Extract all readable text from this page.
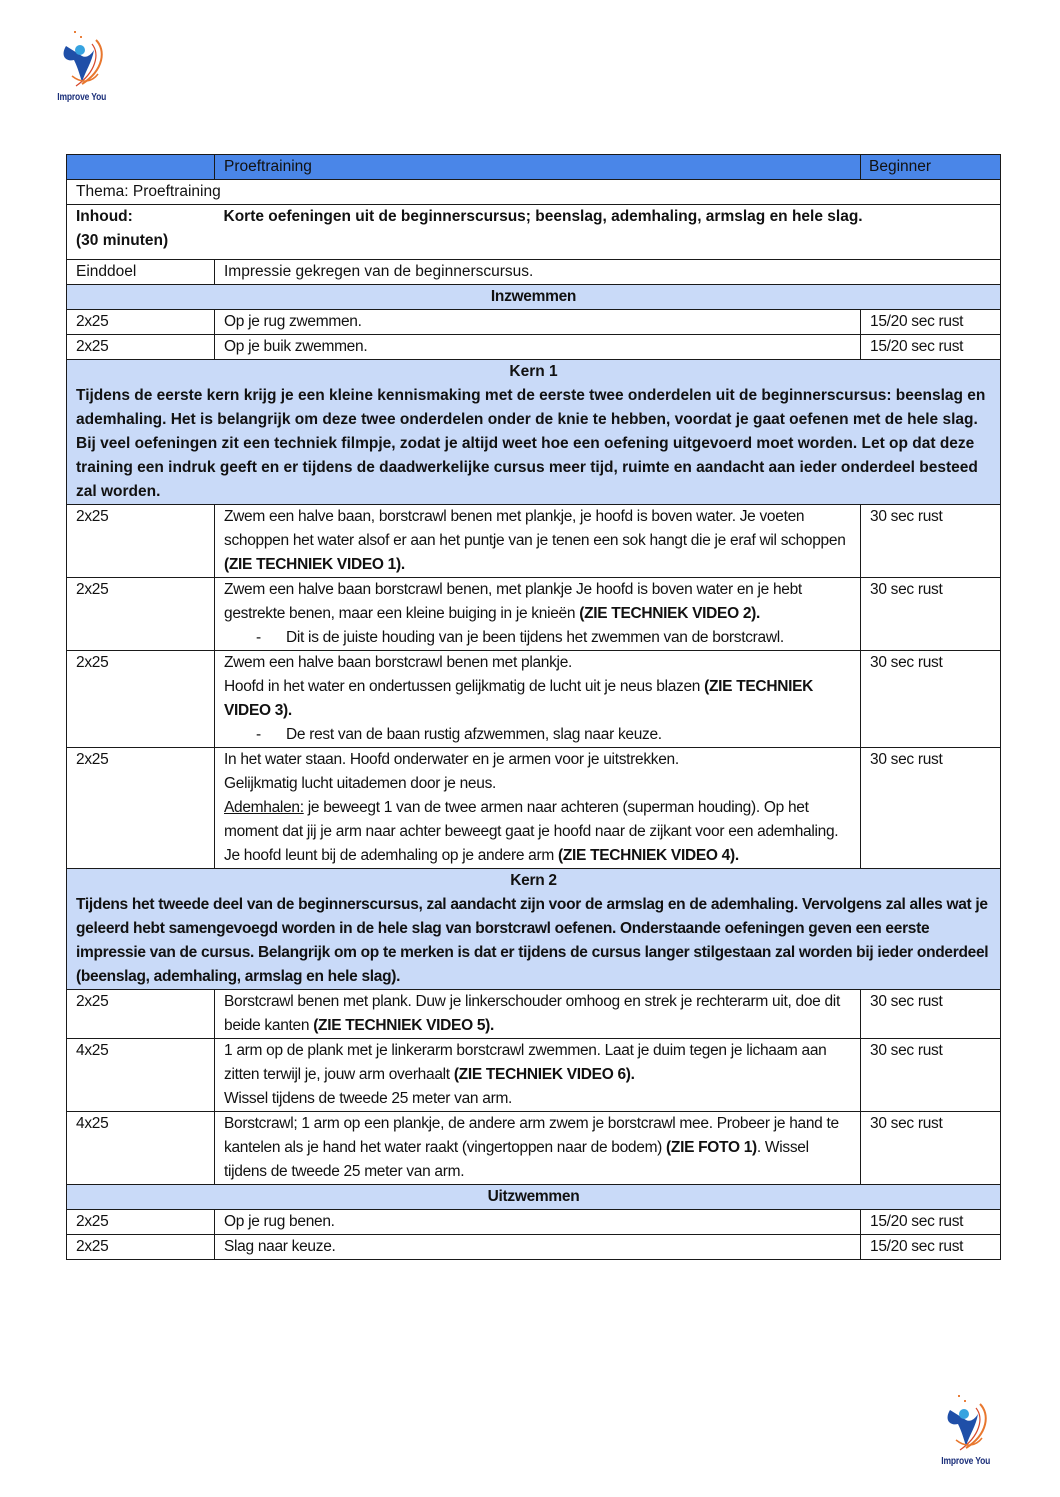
Improve You
	Proeftraining	Beginner
Thema: Proeftraining		

Inhoud:
(30 minuten)	Korte oefeningen uit de beginnerscursus; beenslag, ademhaling, armslag en hele slag.	
Einddoel	Impressie gekregen van de beginnerscursus.	
Inzwemmen		
2x25	Op je rug zwemmen.	15/20 sec rust
2x25	Op je buik zwemmen.	15/20 sec rust

Kern 1
Tijdens de eerste kern krijg je een kleine kennismaking met de eerste twee onderdelen uit de beginnerscursus: beenslag en ademhaling. Het is belangrijk om deze twee onderdelen onder de knie te hebben, voordat je gaat oefenen met de hele slag. Bij veel oefeningen zit een techniek filmpje, zodat je altijd weet hoe een oefening uitgevoerd moet worden. Let op dat deze training een indruk geeft en er tijdens de daadwerkelijke cursus meer tijd, ruimte en aandacht aan ieder onderdeel besteed zal worden.		

2x25	Zwem een halve baan, borstcrawl benen met plankje, je hoofd is boven water. Je voeten schoppen het water alsof er aan het puntje van je tenen een sok hangt die je eraf wil schoppen (ZIE TECHNIEK VIDEO 1).	30 sec rust
2x25	Zwem een halve baan borstcrawl benen, met plankje Je hoofd is boven water en je hebt gestrekte benen, maar een kleine buiging in je knieën (ZIE TECHNIEK VIDEO 2).
- Dit is de juiste houding van je been tijdens het zwemmen van de borstcrawl.	30 sec rust
2x25	Zwem een halve baan borstcrawl benen met plankje.
Hoofd in het water en ondertussen gelijkmatig de lucht uit je neus blazen (ZIE TECHNIEK VIDEO 3).
- De rest van de baan rustig afzwemmen, slag naar keuze.	30 sec rust
2x25	In het water staan. Hoofd onderwater en je armen voor je uitstrekken.
Gelijkmatig lucht uitademen door je neus.
Ademhalen: je beweegt 1 van de twee armen naar achteren (superman houding). Op het moment dat jij je arm naar achter beweegt gaat je hoofd naar de zijkant voor een ademhaling.
Je hoofd leunt bij de ademhaling op je andere arm (ZIE TECHNIEK VIDEO 4).	30 sec rust

Kern 2
Tijdens het tweede deel van de beginnerscursus, zal aandacht zijn voor de armslag en de ademhaling. Vervolgens zal alles wat je geleerd hebt samengevoegd worden in de hele slag van borstcrawl oefenen. Onderstaande oefeningen geven een eerste impressie van de cursus. Belangrijk om op te merken is dat er tijdens de cursus langer stilgestaan zal worden bij ieder onderdeel (beenslag, ademhaling, armslag en hele slag).		

2x25	Borstcrawl benen met plank. Duw je linkerschouder omhoog en strek je rechterarm uit, doe dit beide kanten (ZIE TECHNIEK VIDEO 5).	30 sec rust
4x25	1 arm op de plank met je linkerarm borstcrawl zwemmen. Laat je duim tegen je lichaam aan zitten terwijl je, jouw arm overhaalt (ZIE TECHNIEK VIDEO 6).
Wissel tijdens de tweede 25 meter van arm.	30 sec rust
4x25	Borstcrawl; 1 arm op een plankje, de andere arm zwem je borstcrawl mee. Probeer je hand te kantelen als je hand het water raakt (vingertoppen naar de bodem) (ZIE FOTO 1). Wissel tijdens de tweede 25 meter van arm.	30 sec rust
Uitzwemmen		
2x25	Op je rug benen.	15/20 sec rust
2x25	Slag naar keuze.	15/20 sec rust
Improve You
